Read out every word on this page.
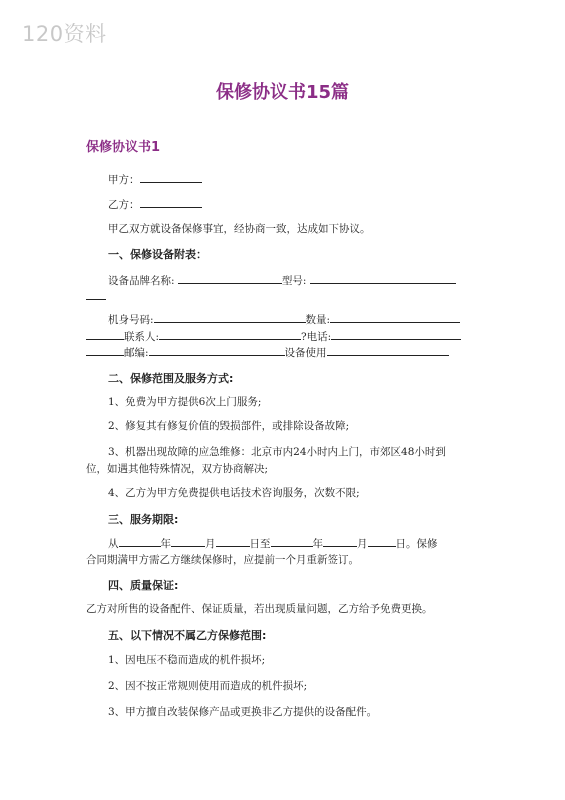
120资料
保修协议书15篇
保修协议书1
甲方：
乙方：
甲乙双方就设备保修事宜，经协商一致，达成如下协议。
一、保修设备附表：
设备品牌名称:	型号:
机身号码:	数量:
联系人:	?电话:
邮编:	设备使用
二、保修范围及服务方式:
1、免费为甲方提供6次上门服务;
2、修复其有修复价值的毁损部件，或排除设备故障;
3、机器出现故障的应急维修：北京市内24小时内上门，市郊区48小时到
位，如遇其他特殊情况，双方协商解决;
4、乙方为甲方免费提供电话技术咨询服务，次数不限;
三、服务期限:
从	年	月	日至	年	月	日。保修
合同期满甲方需乙方继续保修时，应提前一个月重新签订。
四、质量保证:
乙方对所售的设备配件、保证质量，若出现质量问题，乙方给予免费更换。
五、以下情况不属乙方保修范围:
1、因电压不稳而造成的机件损坏;
2、因不按正常规则使用而造成的机件损坏;
3、甲方擅自改装保修产品或更换非乙方提供的设备配件。
